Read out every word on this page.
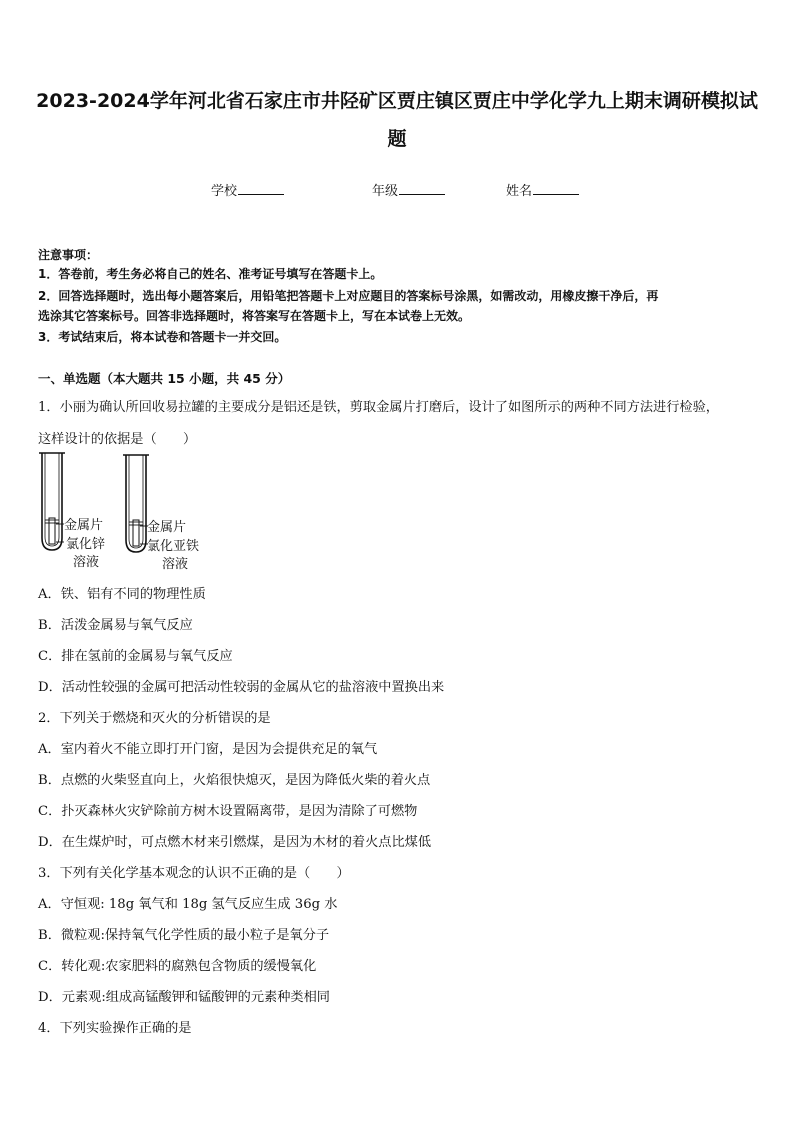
2023-2024学年河北省石家庄市井陉矿区贾庄镇区贾庄中学化学九上期末调研模拟试
题
学校	年级	姓名
注意事项：
1．答卷前，考生务必将自己的姓名、准考证号填写在答题卡上。
2．回答选择题时，选出每小题答案后，用铅笔把答题卡上对应题目的答案标号涂黑，如需改动，用橡皮擦干净后，再
选涂其它答案标号。回答非选择题时，将答案写在答题卡上，写在本试卷上无效。
3．考试结束后，将本试卷和答题卡一并交回。
一、单选题（本大题共 15 小题，共 45 分）
1．小丽为确认所回收易拉罐的主要成分是铝还是铁，剪取金属片打磨后，设计了如图所示的两种不同方法进行检验，
这样设计的依据是（　　）
金属片
氯化锌
溶液
金属片
氯化亚铁
溶液
A．铁、铝有不同的物理性质
B．活泼金属易与氧气反应
C．排在氢前的金属易与氧气反应
D．活动性较强的金属可把活动性较弱的金属从它的盐溶液中置换出来
2．下列关于燃烧和灭火的分析错误的是
A．室内着火不能立即打开门窗，是因为会提供充足的氧气
B．点燃的火柴竖直向上，火焰很快熄灭，是因为降低火柴的着火点
C．扑灭森林火灾铲除前方树木设置隔离带，是因为清除了可燃物
D．在生煤炉时，可点燃木材来引燃煤，是因为木材的着火点比煤低
3．下列有关化学基本观念的认识不正确的是（　　）
A．守恒观: 18g 氧气和 18g 氢气反应生成 36g 水
B．微粒观:保持氧气化学性质的最小粒子是氧分子
C．转化观:农家肥料的腐熟包含物质的缓慢氧化
D．元素观:组成高锰酸钾和锰酸钾的元素种类相同
4．下列实验操作正确的是
